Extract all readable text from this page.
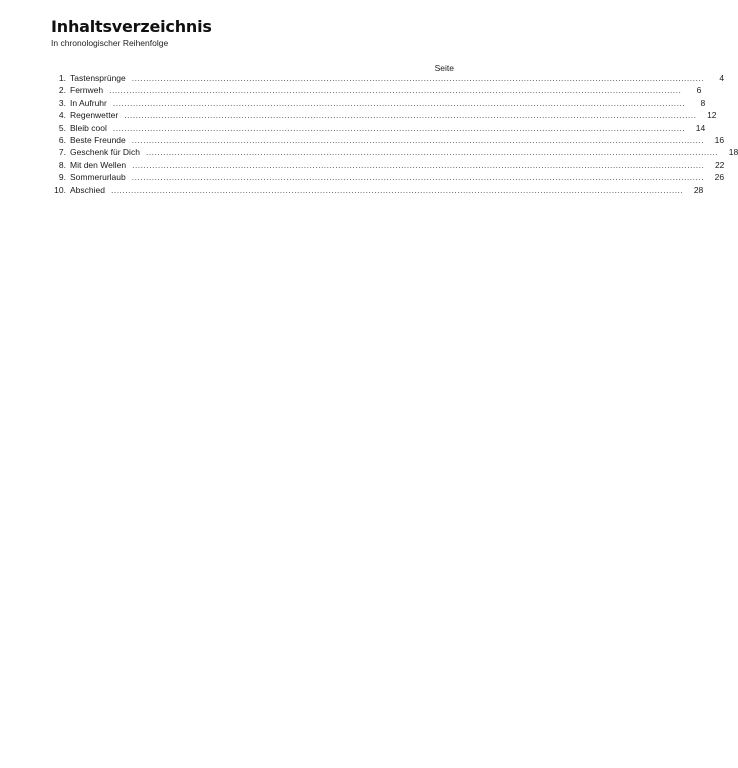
Inhaltsverzeichnis
In chronologischer Reihenfolge
Seite
1. Tastensprünge ........................................................................................................................................................................................................	4
2. Fernweh ........................................................................................................................................................................................................	6
3. In Aufruhr ........................................................................................................................................................................................................	8
4. Regenwetter ........................................................................................................................................................................................................	12
5. Bleib cool ........................................................................................................................................................................................................	14
6. Beste Freunde ........................................................................................................................................................................................................	16
7. Geschenk für Dich ........................................................................................................................................................................................................	18
8. Mit den Wellen ........................................................................................................................................................................................................	22
9. Sommerurlaub ........................................................................................................................................................................................................	26
10. Abschied ........................................................................................................................................................................................................	28
